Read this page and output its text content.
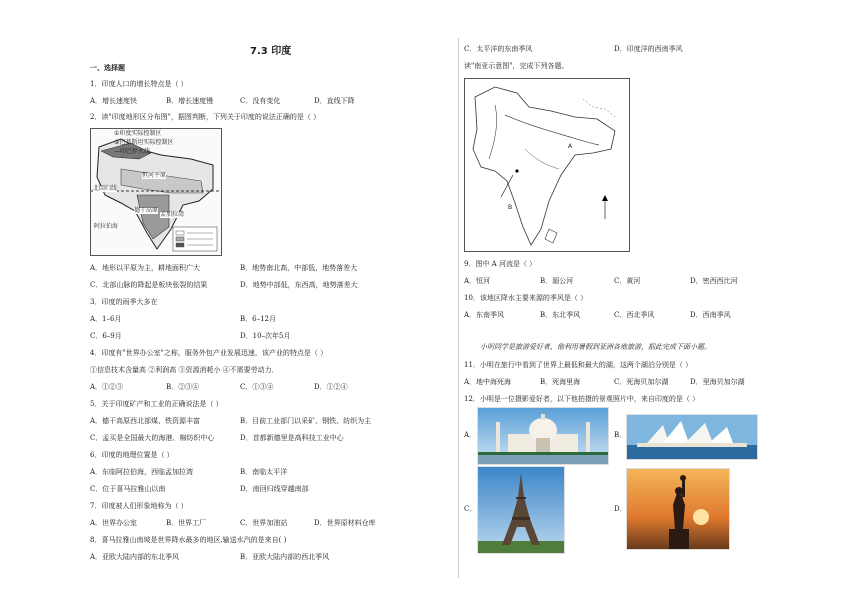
7.3 印度
一、选择题
1．印度人口的增长特点是（ ）
A．增长速度快	B．增长速度慢	C．没有变化	D．直线下降
2．读"印度地形区分布图"，据图判断，下列关于印度的说法正确的是（ ）
①印度实际控制区
②巴基斯坦实际控制区
—印巴停火线
恒河平原
北回归线
德干高原
孟加拉湾
阿拉伯海
A．地形以平原为主，耕地面积广大	B．地势南北高，中部低，地势落差大
C．北部山脉的降起是板块张裂的结果	D．地势中部低，东西高，地势落差大
3．印度的雨季大多在
A．1–6月	B．6–12月
C．6–9月	D．10–次年5月
4．印度有"世界办公室"之称，服务外包产业发展迅速，该产业的特点是（ ）
①信息技术含量高 ②利润高 ③资源消耗小 ④不需要劳动力．
A．①②③	B．②③④	C．①③④	D．①②④
5．关于印度矿产和工业的正确说法是（ ）
A．德干高原西北部煤、铁资源丰富	B．目前工业部门以采矿、钢铁、纺织为主
C．孟买是全国最大的海港、棉纺织中心	D．首都新德里是高科技工业中心
6．印度的地理位置是（ ）
A．东临阿拉伯海，西临孟加拉湾	B．南临太平洋
C．位于喜马拉雅山以南	D．南回归线穿越南部
7．印度被人们形象地称为（ ）
A．世界办公室	B．世界工厂	C．世界加油站	D．世界原材料仓库
8．喜马拉雅山南坡是世界降水最多的地区,输送水汽的是来自( )
A．亚欧大陆内部的东北季风	B．亚欧大陆内部的西北季风
C．太平洋的东南季风	D．印度洋的西南季风
读"南亚示意图"，完成下列各题。
A
B
9．图中 A 河流是（ ）
A．恒河	B．湄公河	C．黄河	D．密西西比河
10．该地区降水主要来源的季风是（ ）
A．东南季风	B．东北季风	C．西北季风	D．西南季风
小明同学是旅游爱好者，他利用暑假到亚洲各地旅游，据此完成下面小题。
11．小明在旅行中看到了世界上最低和最大的湖，这两个湖泊分别是（ ）
A．地中海死海	B．死海里海	C．死海贝加尔湖	D．里海贝加尔湖
12．小明是一位摄影爱好者，以下他拍摄的景观照片中，来自印度的是（ ）
A．	B．
C．	D．
